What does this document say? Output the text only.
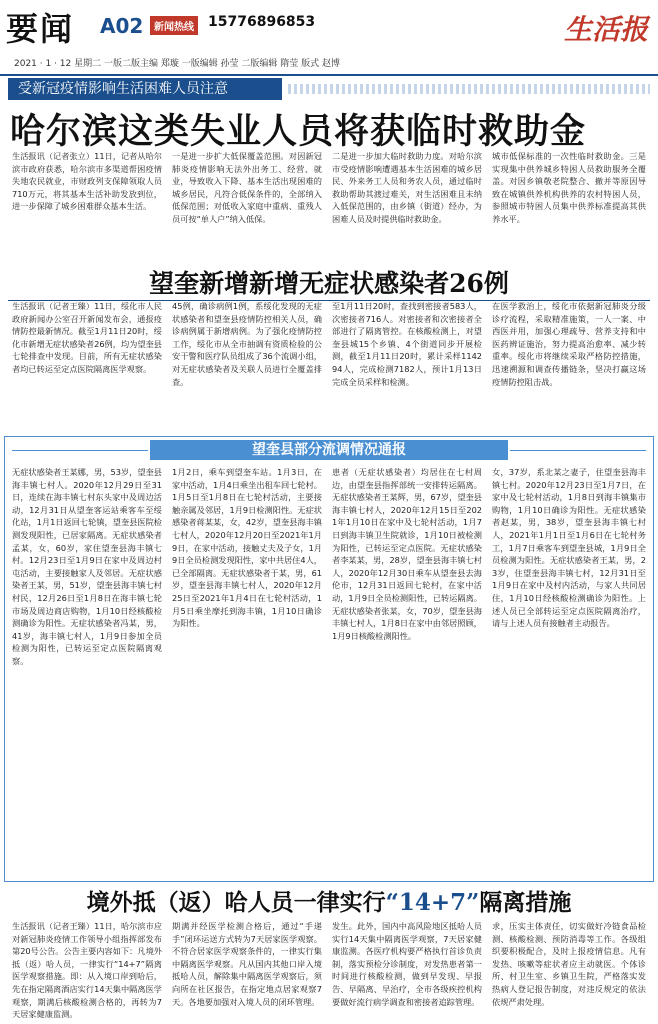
要闻 A02	新闻热线 15776896853	生活报
2021 · 1 · 12 星期二 一版二版主编 郑璇 一版编辑 孙莹 二版编辑 隋莹 版式 赵博
受新冠疫情影响生活困难人员注意
哈尔滨这类失业人员将获临时救助金
生活报讯（记者张立）11日，记者从哈尔滨市政府获悉，哈尔滨市多渠道帮困疫情失地农民就业，市财政列支保障领取人员710万元，将其基本生活补助发放到位，进一步保障了城乡困难群众基本生活。
一是进一步扩大低保覆盖范围。对因新冠肺炎疫情影响无法外出务工、经营、就业，导致收入下降、基本生活出现困难的城乡居民，凡符合低保条件的，全部纳入低保范围；对低收入家庭中重病、重残人员可按“单人户”纳入低保。
二是进一步加大临时救助力度。对哈尔滨市受疫情影响遭遇基本生活困难的城乡居民、外来务工人员和务农人员，通过临时救助帮助其渡过难关，对生活困难且未纳入低保范围的，由乡镇（街道）经办，为困难人员及时提供临时救助金。
城市低保标准的一次性临时救助金。三是实现集中供养城乡特困人员救助服务全覆盖。对因乡镇敬老院整合、撤并等原因导致在城镇供养机构供养的农村特困人员，参照城市特困人员集中供养标准提高其供养水平。
望奎新增新增无症状感染者26例
生活报讯（记者王臻）11日，绥化市人民政府新闻办公室召开新闻发布会，通报疫情防控最新情况。截至1月11日20时，绥化市新增无症状感染者26例，均为望奎县七轮排查中发现。目前，所有无症状感染者均已转运至定点医院隔离医学观察。
45例，确诊病例1例，系绥化发现的无症状感染者和望奎县疫情防控相关人员，确诊病例属于新增病例。为了强化疫情防控工作，绥化市从全市抽调有资质检验的公安干警和医疗队员组成了36个流调小组，对无症状感染者及关联人员进行全覆盖排查。
至1月11日20时，查找到密接者583人，次密接者716人。对密接者和次密接者全部进行了隔离管控。在核酸检测上，对望奎县城15个乡镇、4个街道同步开展检测，截至1月11日20时，累计采样114294人，完成检测7182人，预计1月13日完成全员采样和检测。
在医学救治上，绥化市依据新冠肺炎分级诊疗流程，采取精准施策，一人一案、中西医并用，加强心理疏导、营养支持和中医药辨证施治，努力提高治愈率、减少转重率。绥化市将继续采取严格防控措施，迅速溯源和调查传播链条，坚决打赢这场疫情防控阻击战。
望奎县部分流调情况通报
无症状感染者王某娜，男，53岁，望奎县海丰镇七村人。2020年12月29日至31日，连续在海丰镇七村东头家中及周边活动，12月31日从望奎客运站乘客车至绥化站，1月1日返回七轮镇，望奎县医院检测发现阳性，已居家隔离。无症状感染者孟某，女，60岁，家住望奎县海丰镇七村。12月23日至1月9日在家中及周边村屯活动，主要接触家人及邻居。无症状感染者王某，男，51岁，望奎县海丰镇七村村民，12月26日至1月8日在海丰镇七轮市场及周边商店购物，1月10日经核酸检测确诊为阳性。无症状感染者冯某，男，41岁，海丰镇七村人，1月9日参加全员检测为阳性，已转运至定点医院隔离观察。
1月2日，乘车到望奎车站。1月3日，在家中活动，1月4日乘坐出租车回七轮村。1月5日至1月8日在七轮村活动，主要接触亲属及邻居，1月9日检测阳性。无症状感染者蒋某某，女，42岁，望奎县海丰镇七村人，2020年12月20日至2021年1月9日，在家中活动，接触丈夫及子女，1月9日全员检测发现阳性，家中共居住4人，已全部隔离。无症状感染者于某，男，61岁，望奎县海丰镇七村人，2020年12月25日至2021年1月4日在七轮村活动，1月5日乘坐摩托到海丰镇，1月10日确诊为阳性。
患者（无症状感染者）均居住在七村周边，由望奎县指挥部统一安排转运隔离。无症状感染者王某辉，男，67岁，望奎县海丰镇七村人，2020年12月15日至2021年1月10日在家中及七轮村活动，1月7日到海丰镇卫生院就诊，1月10日被检测为阳性，已转运至定点医院。无症状感染者李某某，男，28岁，望奎县海丰镇七村人，2020年12月30日乘车从望奎县去海伦市，12月31日返回七轮村，在家中活动，1月9日全员检测阳性，已转运隔离。无症状感染者张某，女，70岁，望奎县海丰镇七村人，1月8日在家中由邻居照顾，1月9日核酸检测阳性。
女，37岁，系北某之妻子，住望奎县海丰镇七村。2020年12月23日至1月7日，在家中及七轮村活动，1月8日到海丰镇集市购物，1月10日确诊为阳性。无症状感染者赵某，男，38岁，望奎县海丰镇七村人，2021年1月1日至1月6日在七轮村务工，1月7日乘客车到望奎县城，1月9日全员检测为阳性。无症状感染者王某，男，23岁，住望奎县海丰镇七村，12月31日至1月9日在家中及村内活动，与家人共同居住，1月10日经核酸检测确诊为阳性。上述人员已全部转运至定点医院隔离治疗，请与上述人员有接触者主动报告。
境外抵（返）哈人员一律实行“14+7”隔离措施
生活报讯（记者王臻）11日，哈尔滨市应对新冠肺炎疫情工作领导小组指挥部发布第20号公告。公告主要内容如下：凡境外抵（返）哈人员，一律实行“14+7”隔离医学观察措施。即：从入境口岸到哈后，先在指定隔离酒店实行14天集中隔离医学观察，期满后核酸检测合格的，再转为7天居家健康监测。
期满并经医学检测合格后，通过“手递手”闭环运送方式转为7天居家医学观察。不符合居家医学观察条件的，一律实行集中隔离医学观察。凡从国内其他口岸入境抵哈人员，解除集中隔离医学观察后，须向所在社区报告，在指定地点居家观察7天。各地要加强对入境人员的闭环管理。
发生。此外，国内中高风险地区抵哈人员实行14天集中隔离医学观察，7天居家健康监测。各医疗机构要严格执行首诊负责制，落实预检分诊制度，对发热患者第一时间进行核酸检测，做到早发现、早报告、早隔离、早治疗，全市各级疾控机构要做好流行病学调查和密接者追踪管理。
求，压实主体责任，切实做好冷链食品检测、核酸检测、预防消毒等工作。各级组织要积极配合，及时上报疫情信息。凡有发热、咳嗽等症状者应主动就医。个体诊所、村卫生室、乡镇卫生院，严格落实发热病人登记报告制度，对违反规定的依法依规严肃处理。
